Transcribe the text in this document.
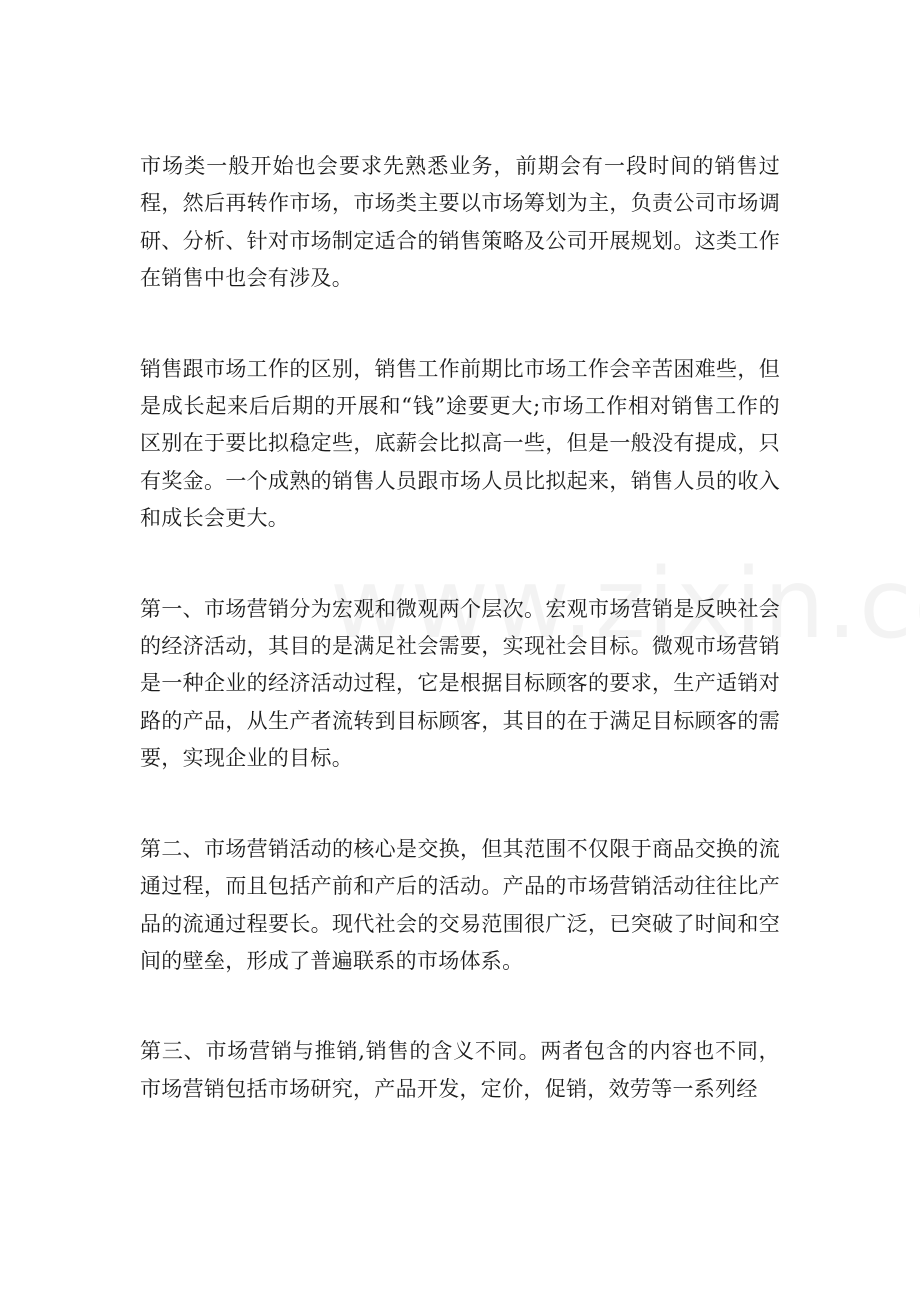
市场类一般开始也会要求先熟悉业务，前期会有一段时间的销售过程，然后再转作市场，市场类主要以市场筹划为主，负责公司市场调研、分析、针对市场制定适合的销售策略及公司开展规划。这类工作在销售中也会有涉及。

销售跟市场工作的区别，销售工作前期比市场工作会辛苦困难些，但是成长起来后后期的开展和“钱”途要更大;市场工作相对销售工作的区别在于要比拟稳定些，底薪会比拟高一些，但是一般没有提成，只有奖金。一个成熟的销售人员跟市场人员比拟起来，销售人员的收入和成长会更大。

第一、市场营销分为宏观和微观两个层次。宏观市场营销是反映社会的经济活动，其目的是满足社会需要，实现社会目标。微观市场营销是一种企业的经济活动过程，它是根据目标顾客的要求，生产适销对路的产品，从生产者流转到目标顾客，其目的在于满足目标顾客的需要，实现企业的目标。

第二、市场营销活动的核心是交换，但其范围不仅限于商品交换的流通过程，而且包括产前和产后的活动。产品的市场营销活动往往比产品的流通过程要长。现代社会的交易范围很广泛，已突破了时间和空间的壁垒，形成了普遍联系的市场体系。

第三、市场营销与推销,销售的含义不同。两者包含的内容也不同，市场营销包括市场研究，产品开发，定价，促销，效劳等一系列经
